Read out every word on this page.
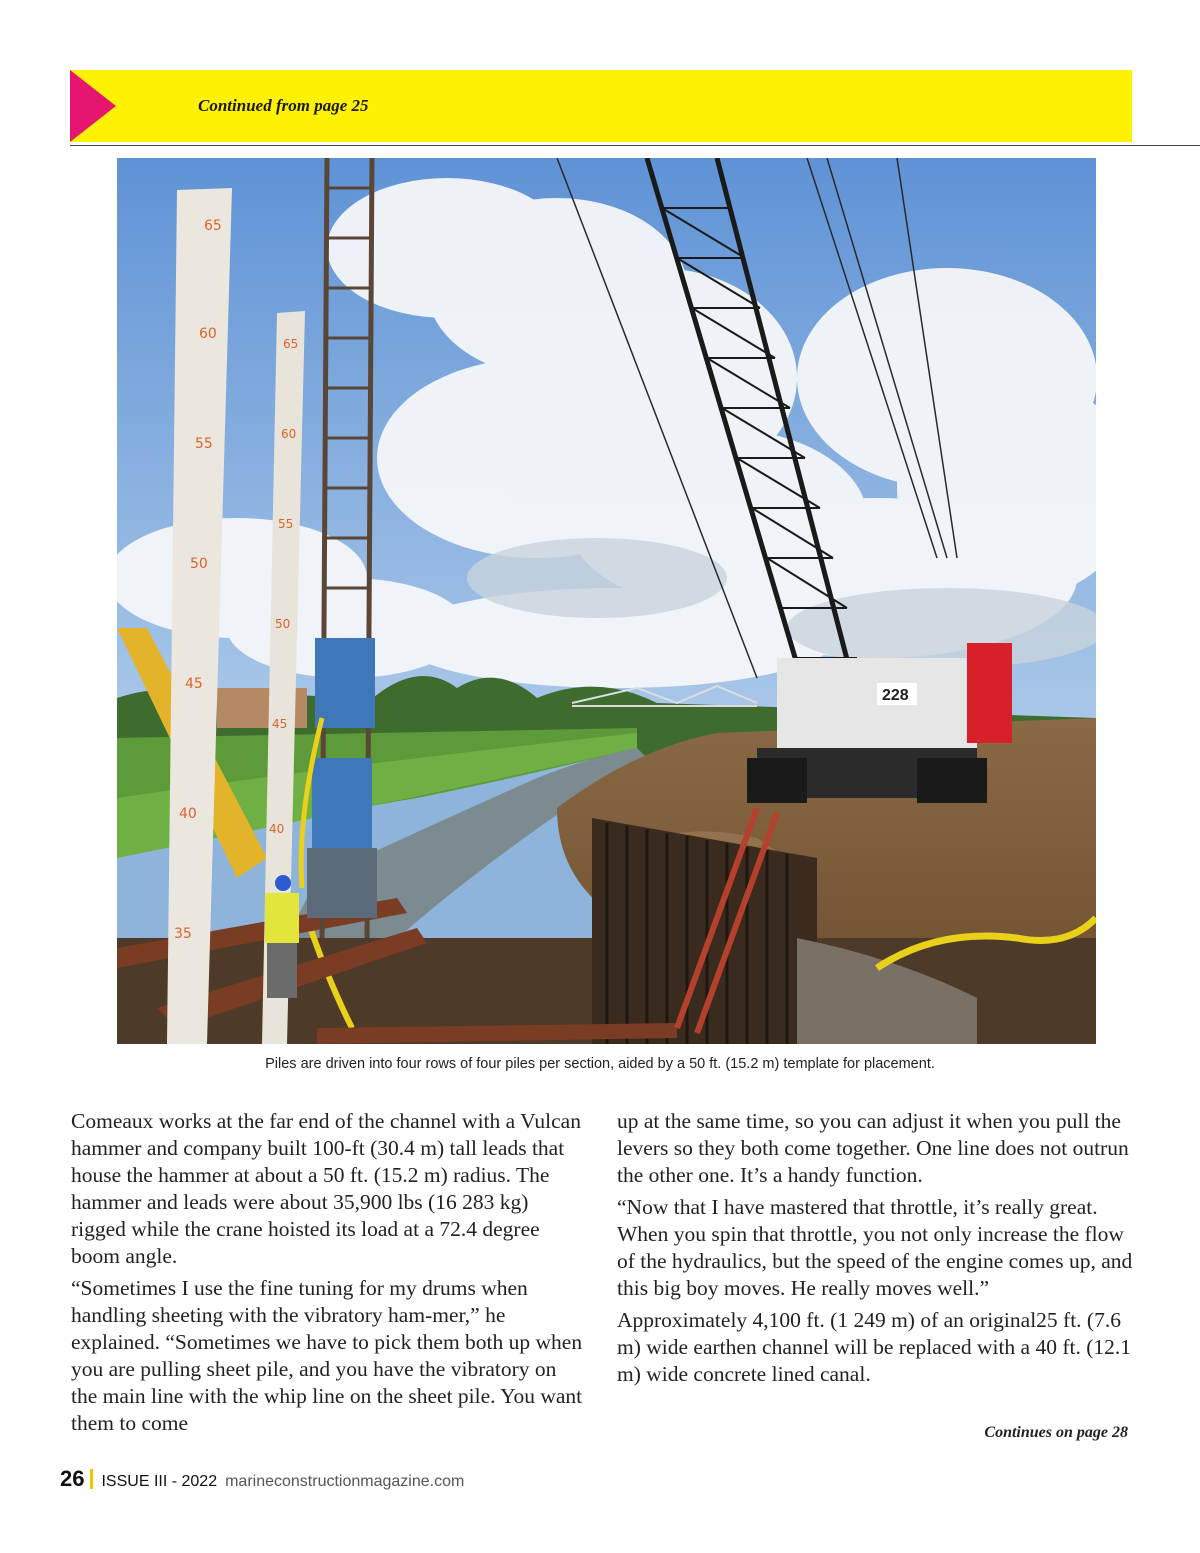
Continued from page 25
228
65
60
55
50
45
40
35
65
60
55
50
45
40
Piles are driven into four rows of four piles per section, aided by a 50 ft. (15.2 m) template for placement.

Comeaux works at the far end of the channel with a Vulcan hammer and company built 100-ft (30.4 m) tall leads that house the hammer at about a 50 ft. (15.2 m) radius. The hammer and leads were about 35,900 lbs (16 283 kg) rigged while the crane hoisted its load at a 72.4 degree boom angle.

“Sometimes I use the fine tuning for my drums when handling sheeting with the vibratory ham-mer,” he explained. “Sometimes we have to pick them both up when you are pulling sheet pile, and you have the vibratory on the main line with the whip line on the sheet pile. You want them to come

up at the same time, so you can adjust it when you pull the levers so they both come together. One line does not outrun the other one. It’s a handy function.

“Now that I have mastered that throttle, it’s really great. When you spin that throttle, you not only increase the flow of the hydraulics, but the speed of the engine comes up, and this big boy moves. He really moves well.”

Approximately 4,100 ft. (1 249 m) of an original25 ft. (7.6 m) wide earthen channel will be replaced with a 40 ft. (12.1 m) wide concrete lined canal.

Continues on page 28
26 ISSUE III - 2022 marineconstructionmagazine.com
